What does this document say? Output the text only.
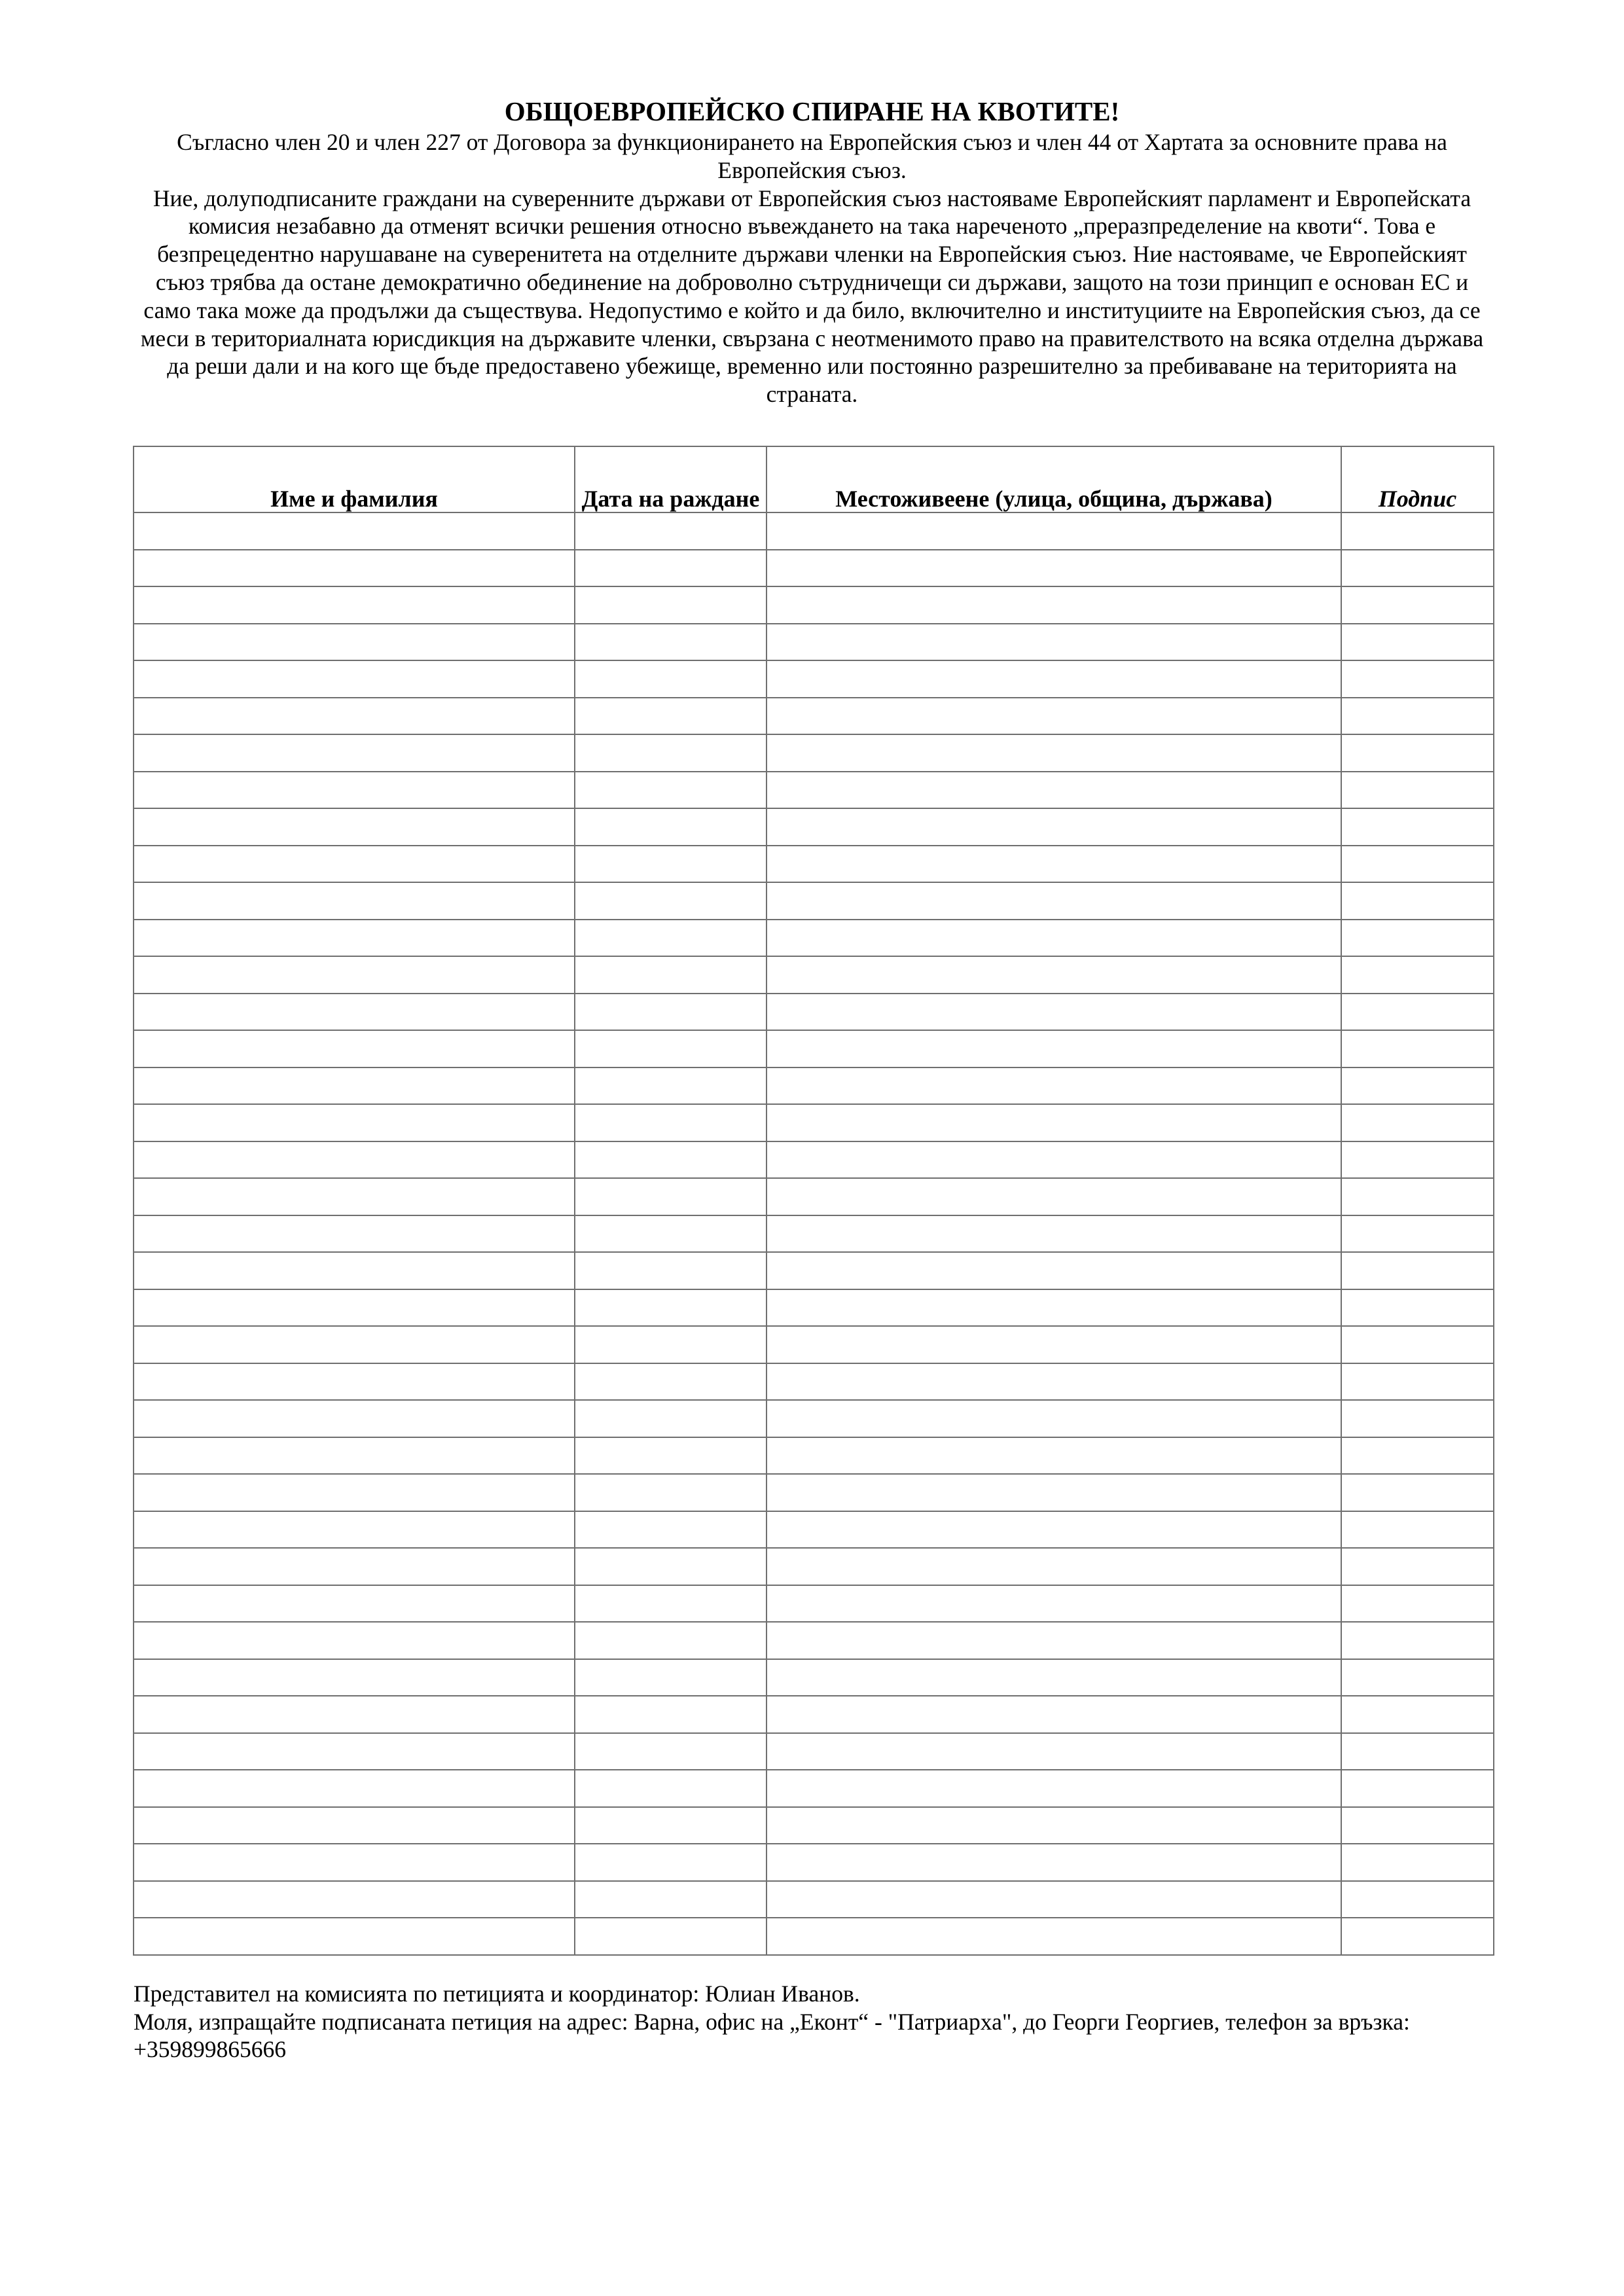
ОБЩОЕВРОПЕЙСКО СПИРАНЕ НА КВОТИТЕ!

Съгласно член 20 и член 227 от Договора за функционирането на Европейския съюз и член 44 от Хартата за основните права на Европейския съюз.

Ние, долуподписаните граждани на суверенните държави от Европейския съюз настояваме Европейският парламент и Европейската комисия незабавно да отменят всички решения относно въвеждането на така нареченото „преразпределение на квоти“. Това е безпрецедентно нарушаване на суверенитета на отделните държави членки на Европейския съюз. Ние настояваме, че Европейският съюз трябва да остане демократично обединение на доброволно сътрудничещи си държави, защото на този принцип е основан ЕС и само така може да продължи да съществува. Недопустимо е който и да било, включително и институциите на Европейския съюз, да се меси в териториалната юрисдикция на държавите членки, свързана с неотменимото право на правителството на всяка отделна държава да реши дали и на кого ще бъде предоставено убежище, временно или постоянно разрешително за пребиваване на територията на страната.

Име и фамилия	Дата на раждане	Местоживеене (улица, община, държава)	Подпис

Представител на комисията по петицията и координатор: Юлиан Иванов.
Моля, изпращайте подписаната петиция на адрес: Варна, офис на „Еконт“ - "Патриарха", до Георги Георгиев, телефон за връзка:
+359899865666
